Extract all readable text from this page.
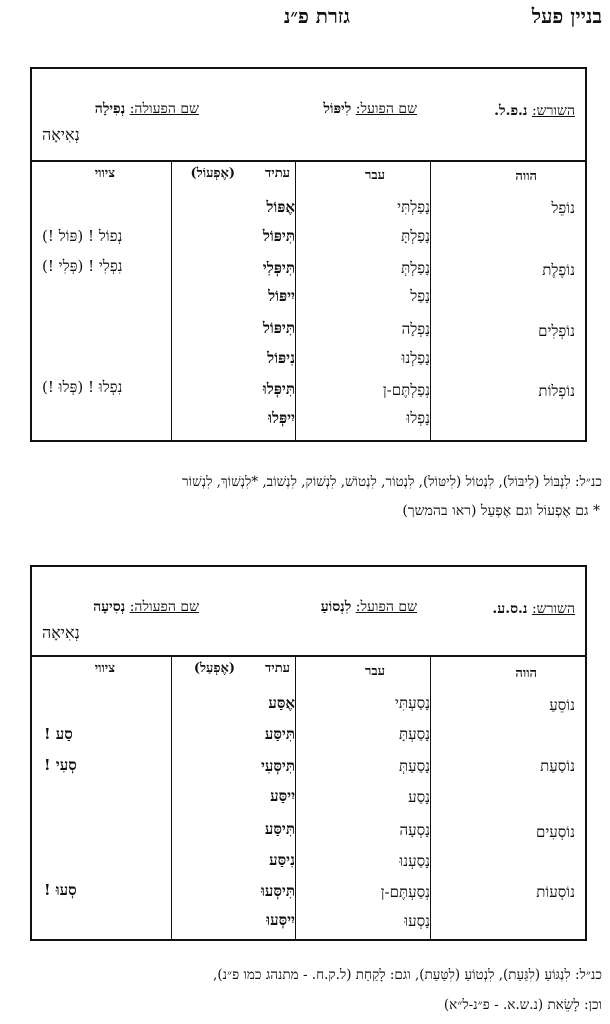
בניין פעל
גזרת פ״נ
השורש: נ.פ.ל.
שם הפועל: לִיפּוֹל
שם הפעולה: נְפִילָה
נְאִיאָה
הווה
עבר
עתיד
(אֶפְעוֹל)
ציווי
נוֹפֵל
נָפַלְתִּי
אֶפּוֹל
נָפַלְתָּ
תִּיפּוֹל
נְפוֹל ! (פּוֹל !)
נוֹפֶלֶת
נָפַלְתְּ
תִּיפְּלִי
נִפְלִי ! (פְּלִי !)
נָפַל
יִיפּוֹל
נוֹפְלִים
נָפְלָה
תִּיפּוֹל
נָפַלְנוּ
נִיפּוֹל
נוֹפְלוֹת
נְפַלְתֶּם-ן
תִּיפְּלוּ
נִפְלוּ ! (פְּלוּ !)
נָפְלוּ
יִיפְּלוּ
כנ״ל: לִנְבּוֹל (לִיבּוֹל), לִנְטוֹל (לִיטּוֹל), לִנְטוֹר, לִנְטוֹשׁ, לִנְשׁוֹק, לִנְשׁוֹב, *לִנְשׁוֹךְ, לִנְשׁוֹר
* גם אֶפְעוֹל וגם אֶפְעַל (ראו בהמשך)
השורש: נ.ס.ע.
שם הפועל: לִנְסוֹעַ
שם הפעולה: נְסִיעָה
נְאִיאָה
הווה
עבר
עתיד
(אֶפְעַל)
ציווי
נוֹסֵעַ
נָסַעְתִּי
אֶסַּע
נָסַעְתָּ
תִּיסַּע
סַע !
נוֹסַעַת
נָסַעַתְּ
תִּיסְּעִי
סְעִי !
נָסַע
יִיסַּע
נוֹסְעִים
נָסְעָה
תִּיסַּע
נָסַעְנוּ
נִיסַּע
נוֹסְעוֹת
נְסַעְתֶּם-ן
תִּיסְּעוּ
סְעוּ !
נָסְעוּ
יִיסְּעוּ
כנ״ל: לִנְגּוֹעַ (לִגַּעַת), לִנְטוֹעַ (לִטַּעַת), וגם: לָקַחַת (ל.ק.ח. - מתנהג כמו פ״נ),
וכן: לָשֵׂאת (נ.ש.א. - פ״נ-ל״א)
